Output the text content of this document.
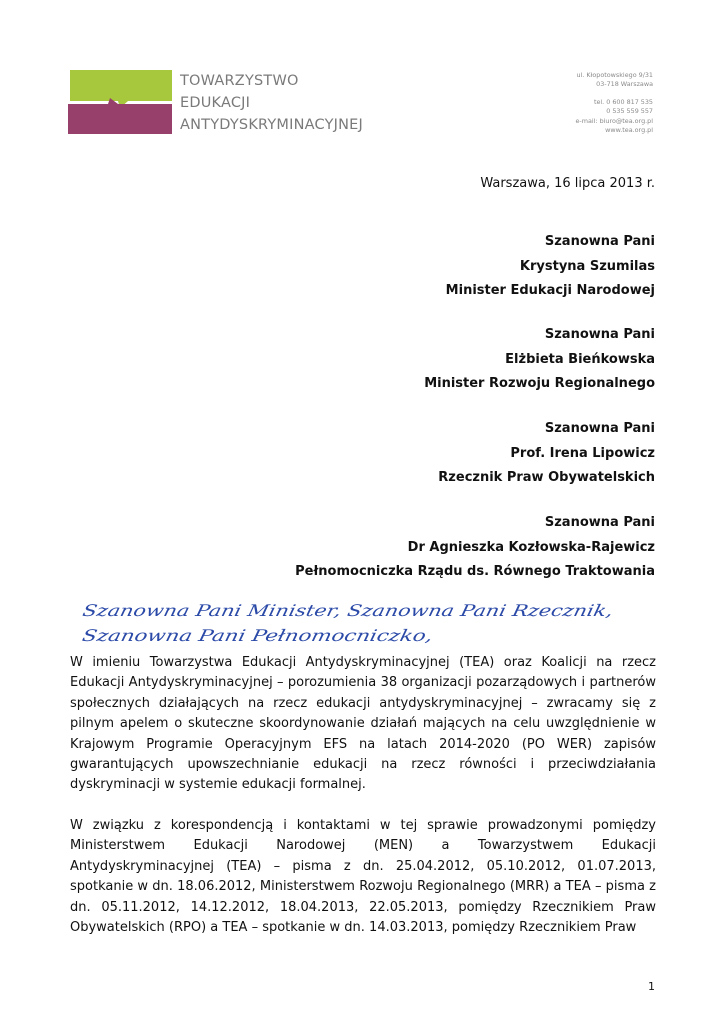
TOWARZYSTWO
EDUKACJI
ANTYDYSKRYMINACYJNEJ
ul. Kłopotowskiego 9/31
03-718 Warszawa
tel. 0 600 817 535
0 535 559 557
e-mail: biuro@tea.org.pl
www.tea.org.pl
Warszawa, 16 lipca 2013 r.
Szanowna Pani
Krystyna Szumilas
Minister Edukacji Narodowej
Szanowna Pani
Elżbieta Bieńkowska
Minister Rozwoju Regionalnego
Szanowna Pani
Prof. Irena Lipowicz
Rzecznik Praw Obywatelskich
Szanowna Pani
Dr Agnieszka Kozłowska-Rajewicz
Pełnomocniczka Rządu ds. Równego Traktowania
Szanowna Pani Minister, Szanowna Pani Rzecznik,
Szanowna Pani Pełnomocniczko,

W imieniu Towarzystwa Edukacji Antydyskryminacyjnej (TEA) oraz Koalicji na rzecz Edukacji Antydyskryminacyjnej – porozumienia 38 organizacji pozarządowych i partnerów społecznych działających na rzecz edukacji antydyskryminacyjnej – zwracamy się z pilnym apelem o skuteczne skoordynowanie działań mających na celu uwzględnienie w Krajowym Programie Operacyjnym EFS na latach 2014-2020 (PO WER) zapisów gwarantujących upowszechnianie edukacji na rzecz równości i przeciwdziałania dyskryminacji w systemie edukacji formalnej.

W związku z korespondencją i kontaktami w tej sprawie prowadzonymi pomiędzy Ministerstwem Edukacji Narodowej (MEN) a Towarzystwem Edukacji Antydyskryminacyjnej (TEA) – pisma z dn. 25.04.2012, 05.10.2012, 01.07.2013, spotkanie w dn. 18.06.2012, Ministerstwem Rozwoju Regionalnego (MRR) a TEA – pisma z dn. 05.11.2012, 14.12.2012, 18.04.2013, 22.05.2013, pomiędzy Rzecznikiem Praw Obywatelskich (RPO) a TEA – spotkanie w dn. 14.03.2013, pomiędzy Rzecznikiem Praw

1
